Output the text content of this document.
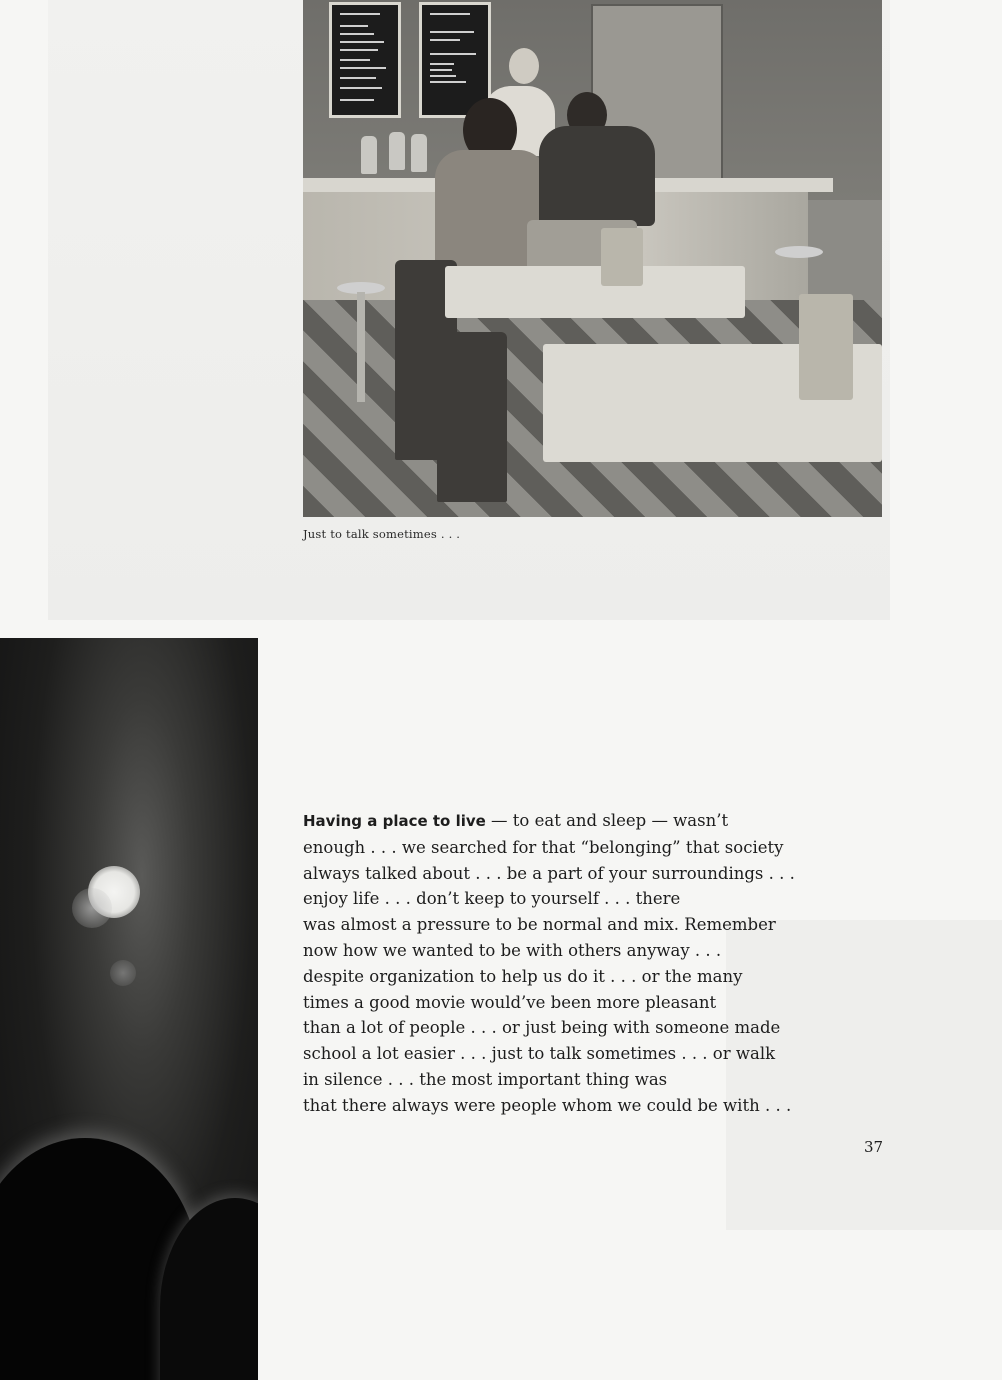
Just to talk sometimes . . .
Having a place to live — to eat and sleep — wasn’t
enough . . . we searched for that “belonging” that society
always talked about . . . be a part of your surroundings . . .
enjoy life . . . don’t keep to yourself . . . there
was almost a pressure to be normal and mix. Remember
now how we wanted to be with others anyway . . .
despite organization to help us do it . . . or the many
times a good movie would’ve been more pleasant
than a lot of people . . . or just being with someone made
school a lot easier . . . just to talk sometimes . . . or walk
in silence . . . the most important thing was
that there always were people whom we could be with . . .
37
